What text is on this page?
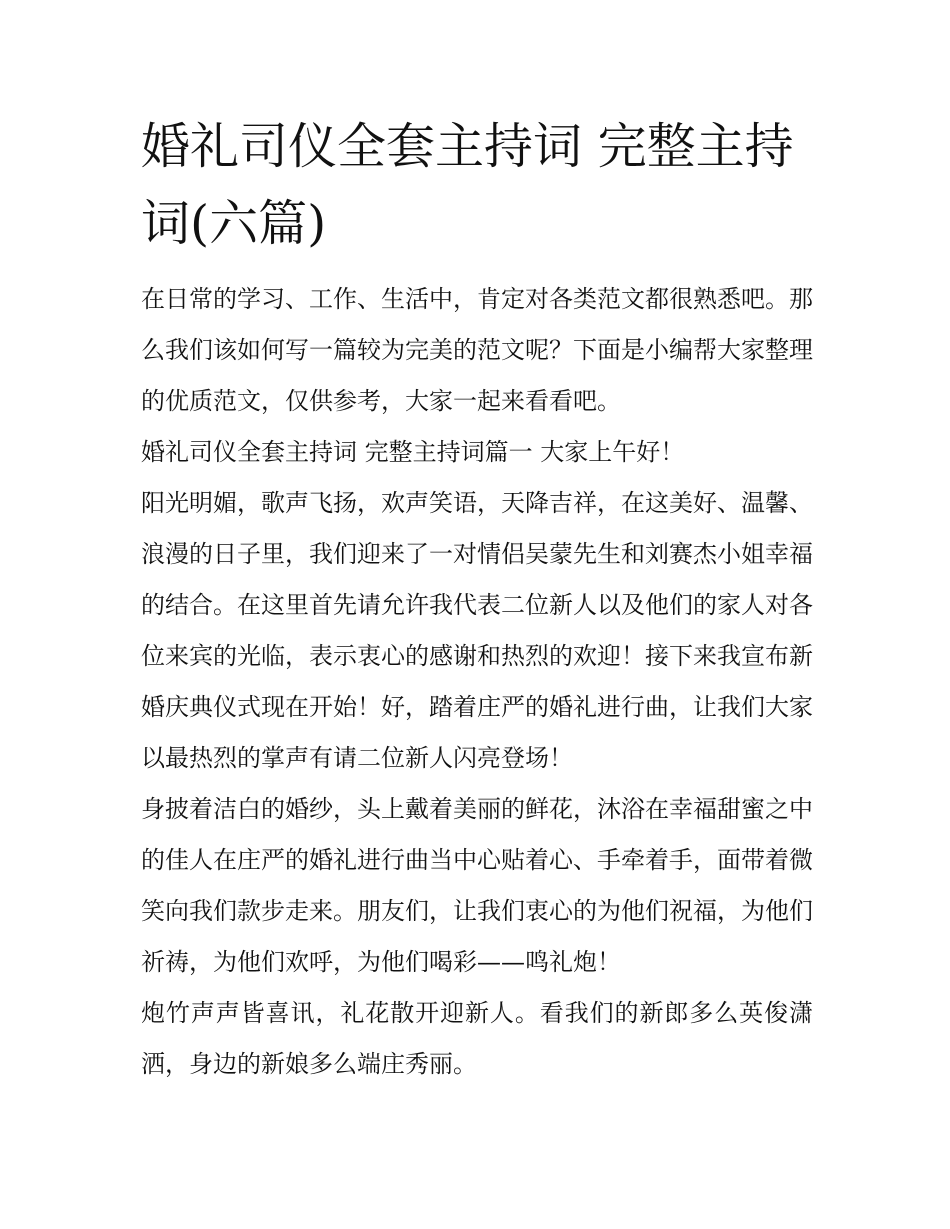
婚礼司仪全套主持词 完整主持词(六篇)

在日常的学习、工作、生活中，肯定对各类范文都很熟悉吧。那么我们该如何写一篇较为完美的范文呢？下面是小编帮大家整理的优质范文，仅供参考，大家一起来看看吧。

婚礼司仪全套主持词 完整主持词篇一 大家上午好！

阳光明媚，歌声飞扬，欢声笑语，天降吉祥，在这美好、温馨、浪漫的日子里，我们迎来了一对情侣吴蒙先生和刘赛杰小姐幸福的结合。在这里首先请允许我代表二位新人以及他们的家人对各位来宾的光临，表示衷心的感谢和热烈的欢迎！接下来我宣布新婚庆典仪式现在开始！好，踏着庄严的婚礼进行曲，让我们大家以最热烈的掌声有请二位新人闪亮登场！

身披着洁白的婚纱，头上戴着美丽的鲜花，沐浴在幸福甜蜜之中的佳人在庄严的婚礼进行曲当中心贴着心、手牵着手，面带着微笑向我们款步走来。朋友们，让我们衷心的为他们祝福，为他们祈祷，为他们欢呼，为他们喝彩——鸣礼炮！

炮竹声声皆喜讯，礼花散开迎新人。看我们的新郎多么英俊潇洒，身边的新娘多么端庄秀丽。
